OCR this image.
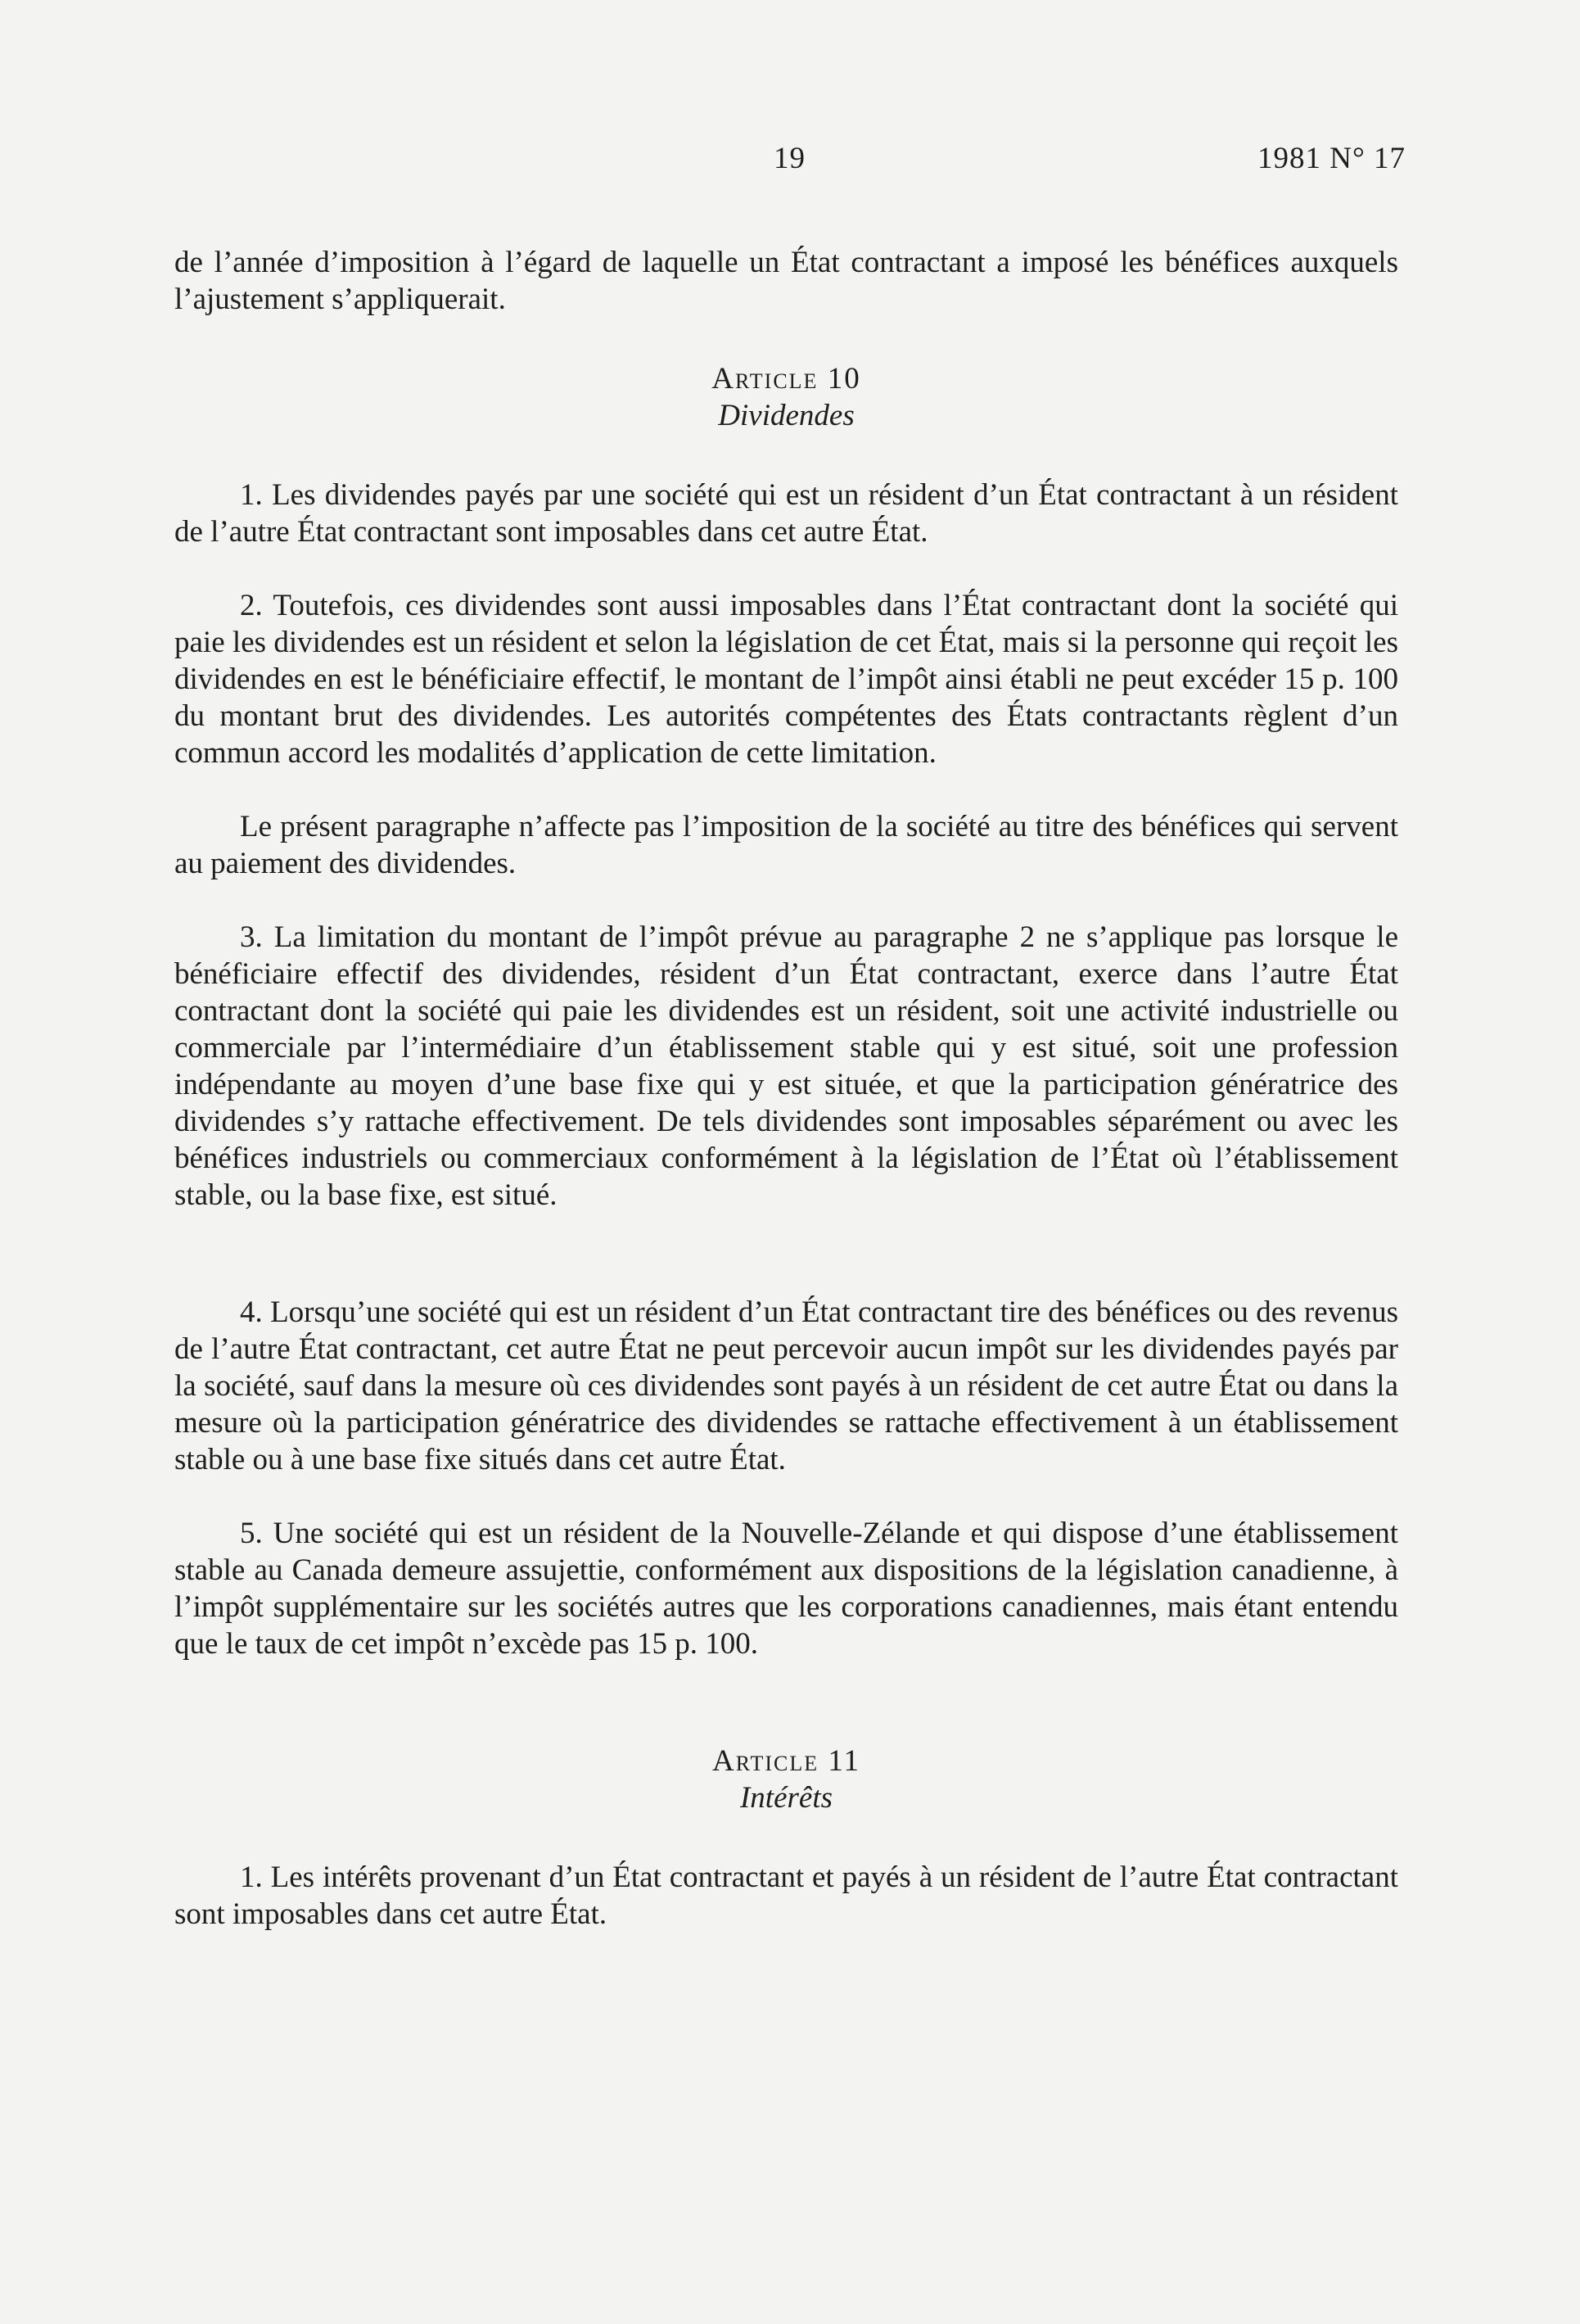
19	1981 N° 17

de l’année d’imposition à l’égard de laquelle un État contractant a imposé les bénéfices auxquels l’ajustement s’appliquerait.

Article 10

Dividendes

1. Les dividendes payés par une société qui est un résident d’un État contractant à un résident de l’autre État contractant sont imposables dans cet autre État.

2. Toutefois, ces dividendes sont aussi imposables dans l’État contractant dont la société qui paie les dividendes est un résident et selon la législation de cet État, mais si la personne qui reçoit les dividendes en est le bénéficiaire effectif, le montant de l’impôt ainsi établi ne peut excéder 15 p. 100 du montant brut des dividendes. Les autorités compétentes des États contractants règlent d’un commun accord les modalités d’application de cette limitation.

Le présent paragraphe n’affecte pas l’imposition de la société au titre des bénéfices qui servent au paiement des dividendes.

3. La limitation du montant de l’impôt prévue au paragraphe 2 ne s’applique pas lorsque le bénéficiaire effectif des dividendes, résident d’un État contractant, exerce dans l’autre État contractant dont la société qui paie les dividendes est un résident, soit une activité industrielle ou commerciale par l’intermédiaire d’un établissement stable qui y est situé, soit une profession indépendante au moyen d’une base fixe qui y est située, et que la participation génératrice des dividendes s’y rattache effectivement. De tels dividendes sont imposables séparément ou avec les bénéfices industriels ou commerciaux conformément à la législation de l’État où l’établissement stable, ou la base fixe, est situé.

4. Lorsqu’une société qui est un résident d’un État contractant tire des bénéfices ou des revenus de l’autre État contractant, cet autre État ne peut percevoir aucun impôt sur les dividendes payés par la société, sauf dans la mesure où ces dividendes sont payés à un résident de cet autre État ou dans la mesure où la participation génératrice des dividendes se rattache effectivement à un établissement stable ou à une base fixe situés dans cet autre État.

5. Une société qui est un résident de la Nouvelle-Zélande et qui dispose d’une établissement stable au Canada demeure assujettie, conformément aux dispositions de la législation canadienne, à l’impôt supplémentaire sur les sociétés autres que les corporations canadiennes, mais étant entendu que le taux de cet impôt n’excède pas 15 p. 100.

Article 11

Intérêts

1. Les intérêts provenant d’un État contractant et payés à un résident de l’autre État contractant sont imposables dans cet autre État.
